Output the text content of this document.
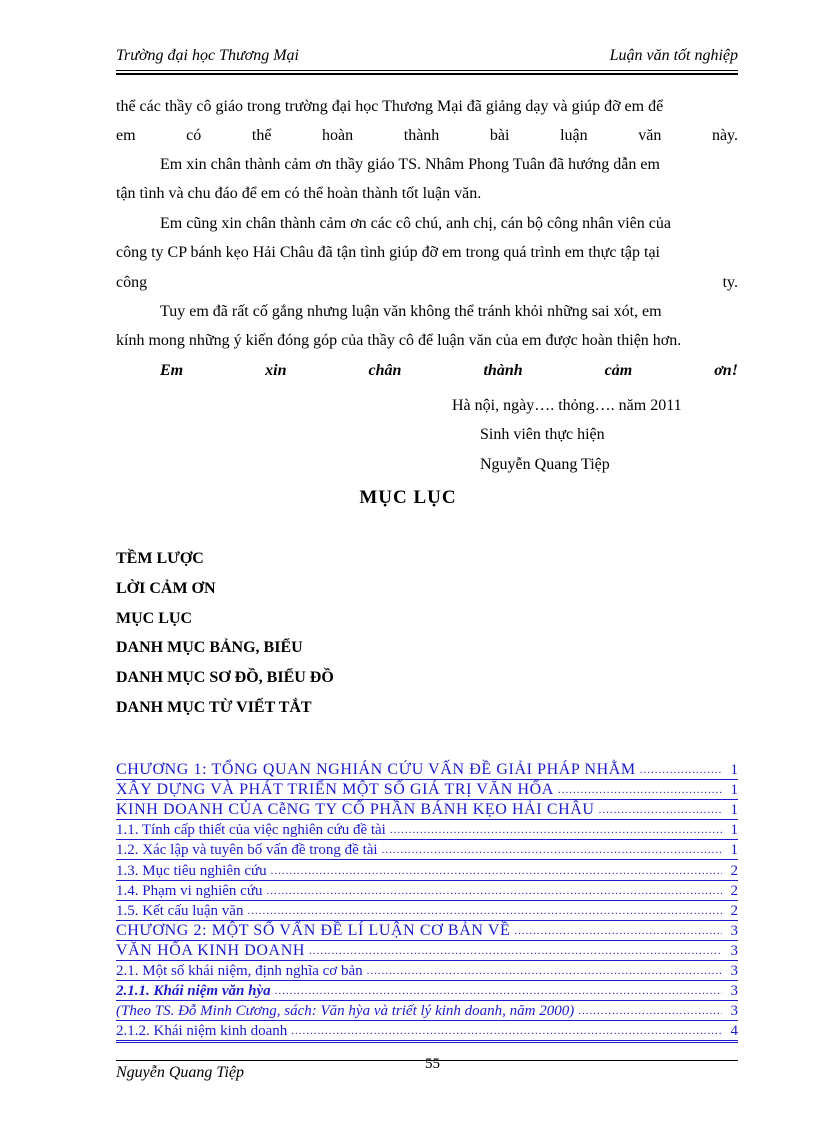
Trường đại học Thương Mại	Luận văn tốt nghiệp
thể các thầy cô giáo trong trường đại học Thương Mại đã giảng dạy và giúp đỡ em để
em	có	thể	hoàn	thành	bài	luận	văn	này.
Em xin chân thành cảm ơn thầy giáo TS. Nhâm Phong Tuân đã hướng dẫn em
tận tình và chu đáo để em có thể hoàn thành tốt luận văn.
Em cũng xin chân thành cảm ơn các cô chú, anh chị, cán bộ công nhân viên của
công ty CP bánh kẹo Hải Châu đã tận tình giúp đỡ em trong quá trình em thực tập tại
công	ty.
Tuy em đã rất cố gắng nhưng luận văn không thể tránh khỏi những sai xót, em
kính mong những ý kiến đóng góp của thầy cô để luận văn của em được hoàn thiện hơn.
Em	xin	chân	thành	cảm	ơn!
Hà nội, ngày…. thỏng…. năm 2011
Sinh viên thực hiện
Nguyễn Quang Tiệp
MỤC LỤC
TỀM LƯỢC
LỜI CẢM ƠN
MỤC LỤC
DANH MỤC BẢNG, BIỂU
DANH MỤC SƠ ĐỒ, BIỂU ĐỒ
DANH MỤC TỪ VIẾT TẮT
CHƯƠNG 1: TỔNG QUAN NGHIÁN CỨU VẤN ĐỀ GIẢI PHÁP NHẰM .....	1
XÂY DỰNG VÀ PHÁT TRIỂN MỘT SỐ GIÁ TRỊ VĂN HỐA .....	1
KINH DOANH CỦA CễNG TY CỔ PHẦN BÁNH KẸO HẢI CHÂU .....	1
1.1. Tính cấp thiết của việc nghiên cứu đề tài .....	1
1.2. Xác lập và tuyên bố vấn đề trong đề tài .....	1
1.3. Mục tiêu nghiên cứu .....	2
1.4. Phạm vi nghiên cứu .....	2
1.5. Kết cấu luận văn .....	2
CHƯƠNG 2: MỘT SỐ VẤN ĐỀ LÍ LUẬN CƠ BẢN VỀ .....	3
VĂN HỐA KINH DOANH .....	3
2.1. Một số khái niệm, định nghĩa cơ bản .....	3
2.1.1. Khái niệm văn hỳa .....	3
(Theo TS. Đỗ Minh Cương, sách: Văn hỳa và triết lý kinh doanh, năm 2000) .....	3
2.1.2. Khái niệm kinh doanh .....	4
55
Nguyễn Quang Tiệp
